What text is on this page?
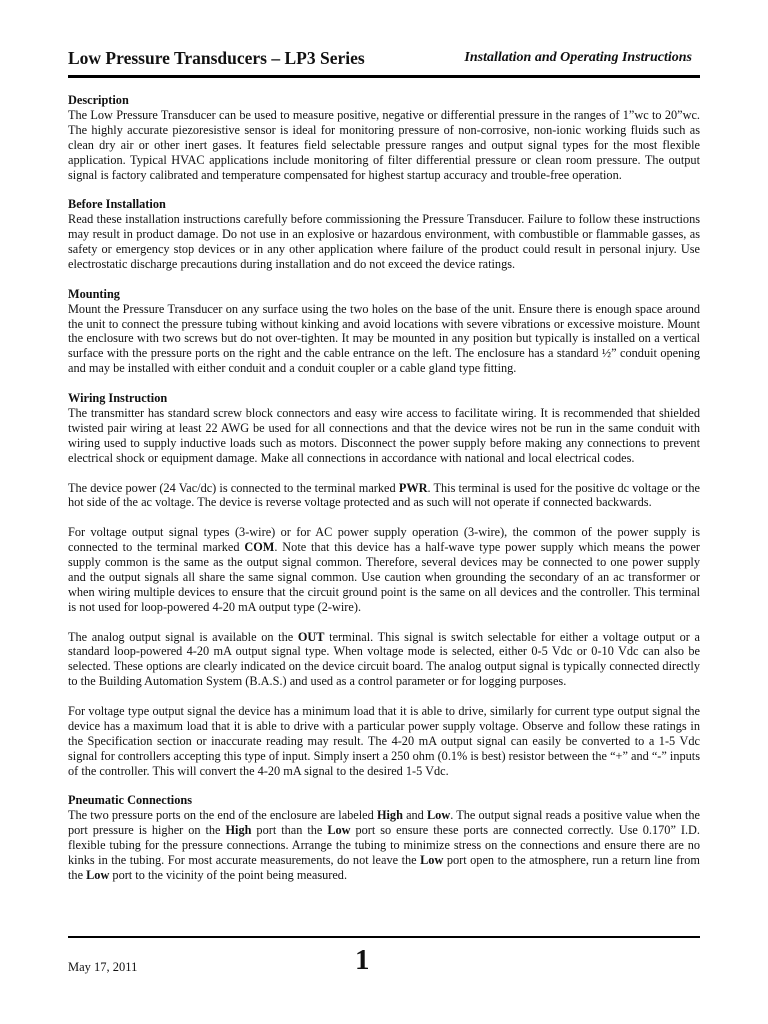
Low Pressure Transducers – LP3 Series	Installation and Operating Instructions

Description
The Low Pressure Transducer can be used to measure positive, negative or differential pressure in the ranges of 1”wc to 20”wc. The highly accurate piezoresistive sensor is ideal for monitoring pressure of non-corrosive, non-ionic working fluids such as clean dry air or other inert gases. It features field selectable pressure ranges and output signal types for the most flexible application. Typical HVAC applications include monitoring of filter differential pressure or clean room pressure. The output signal is factory calibrated and temperature compensated for highest startup accuracy and trouble-free operation.

Before Installation
Read these installation instructions carefully before commissioning the Pressure Transducer. Failure to follow these instructions may result in product damage. Do not use in an explosive or hazardous environment, with combustible or flammable gasses, as safety or emergency stop devices or in any other application where failure of the product could result in personal injury. Use electrostatic discharge precautions during installation and do not exceed the device ratings.

Mounting
Mount the Pressure Transducer on any surface using the two holes on the base of the unit. Ensure there is enough space around the unit to connect the pressure tubing without kinking and avoid locations with severe vibrations or excessive moisture. Mount the enclosure with two screws but do not over-tighten. It may be mounted in any position but typically is installed on a vertical surface with the pressure ports on the right and the cable entrance on the left. The enclosure has a standard ½” conduit opening and may be installed with either conduit and a conduit coupler or a cable gland type fitting.

Wiring Instruction
The transmitter has standard screw block connectors and easy wire access to facilitate wiring. It is recommended that shielded twisted pair wiring at least 22 AWG be used for all connections and that the device wires not be run in the same conduit with wiring used to supply inductive loads such as motors. Disconnect the power supply before making any connections to prevent electrical shock or equipment damage. Make all connections in accordance with national and local electrical codes.

The device power (24 Vac/dc) is connected to the terminal marked PWR. This terminal is used for the positive dc voltage or the hot side of the ac voltage. The device is reverse voltage protected and as such will not operate if connected backwards.

For voltage output signal types (3-wire) or for AC power supply operation (3-wire), the common of the power supply is connected to the terminal marked COM. Note that this device has a half-wave type power supply which means the power supply common is the same as the output signal common. Therefore, several devices may be connected to one power supply and the output signals all share the same signal common. Use caution when grounding the secondary of an ac transformer or when wiring multiple devices to ensure that the circuit ground point is the same on all devices and the controller. This terminal is not used for loop-powered 4-20 mA output type (2-wire).

The analog output signal is available on the OUT terminal. This signal is switch selectable for either a voltage output or a standard loop-powered 4-20 mA output signal type. When voltage mode is selected, either 0-5 Vdc or 0-10 Vdc can also be selected. These options are clearly indicated on the device circuit board. The analog output signal is typically connected directly to the Building Automation System (B.A.S.) and used as a control parameter or for logging purposes.

For voltage type output signal the device has a minimum load that it is able to drive, similarly for current type output signal the device has a maximum load that it is able to drive with a particular power supply voltage. Observe and follow these ratings in the Specification section or inaccurate reading may result. The 4-20 mA output signal can easily be converted to a 1-5 Vdc signal for controllers accepting this type of input. Simply insert a 250 ohm (0.1% is best) resistor between the “+” and “-” inputs of the controller. This will convert the 4-20 mA signal to the desired 1-5 Vdc.

Pneumatic Connections
The two pressure ports on the end of the enclosure are labeled High and Low. The output signal reads a positive value when the port pressure is higher on the High port than the Low port so ensure these ports are connected correctly. Use 0.170” I.D. flexible tubing for the pressure connections. Arrange the tubing to minimize stress on the connections and ensure there are no kinks in the tubing. For most accurate measurements, do not leave the Low port open to the atmosphere, run a return line from the Low port to the vicinity of the point being measured.

May 17, 2011	1
